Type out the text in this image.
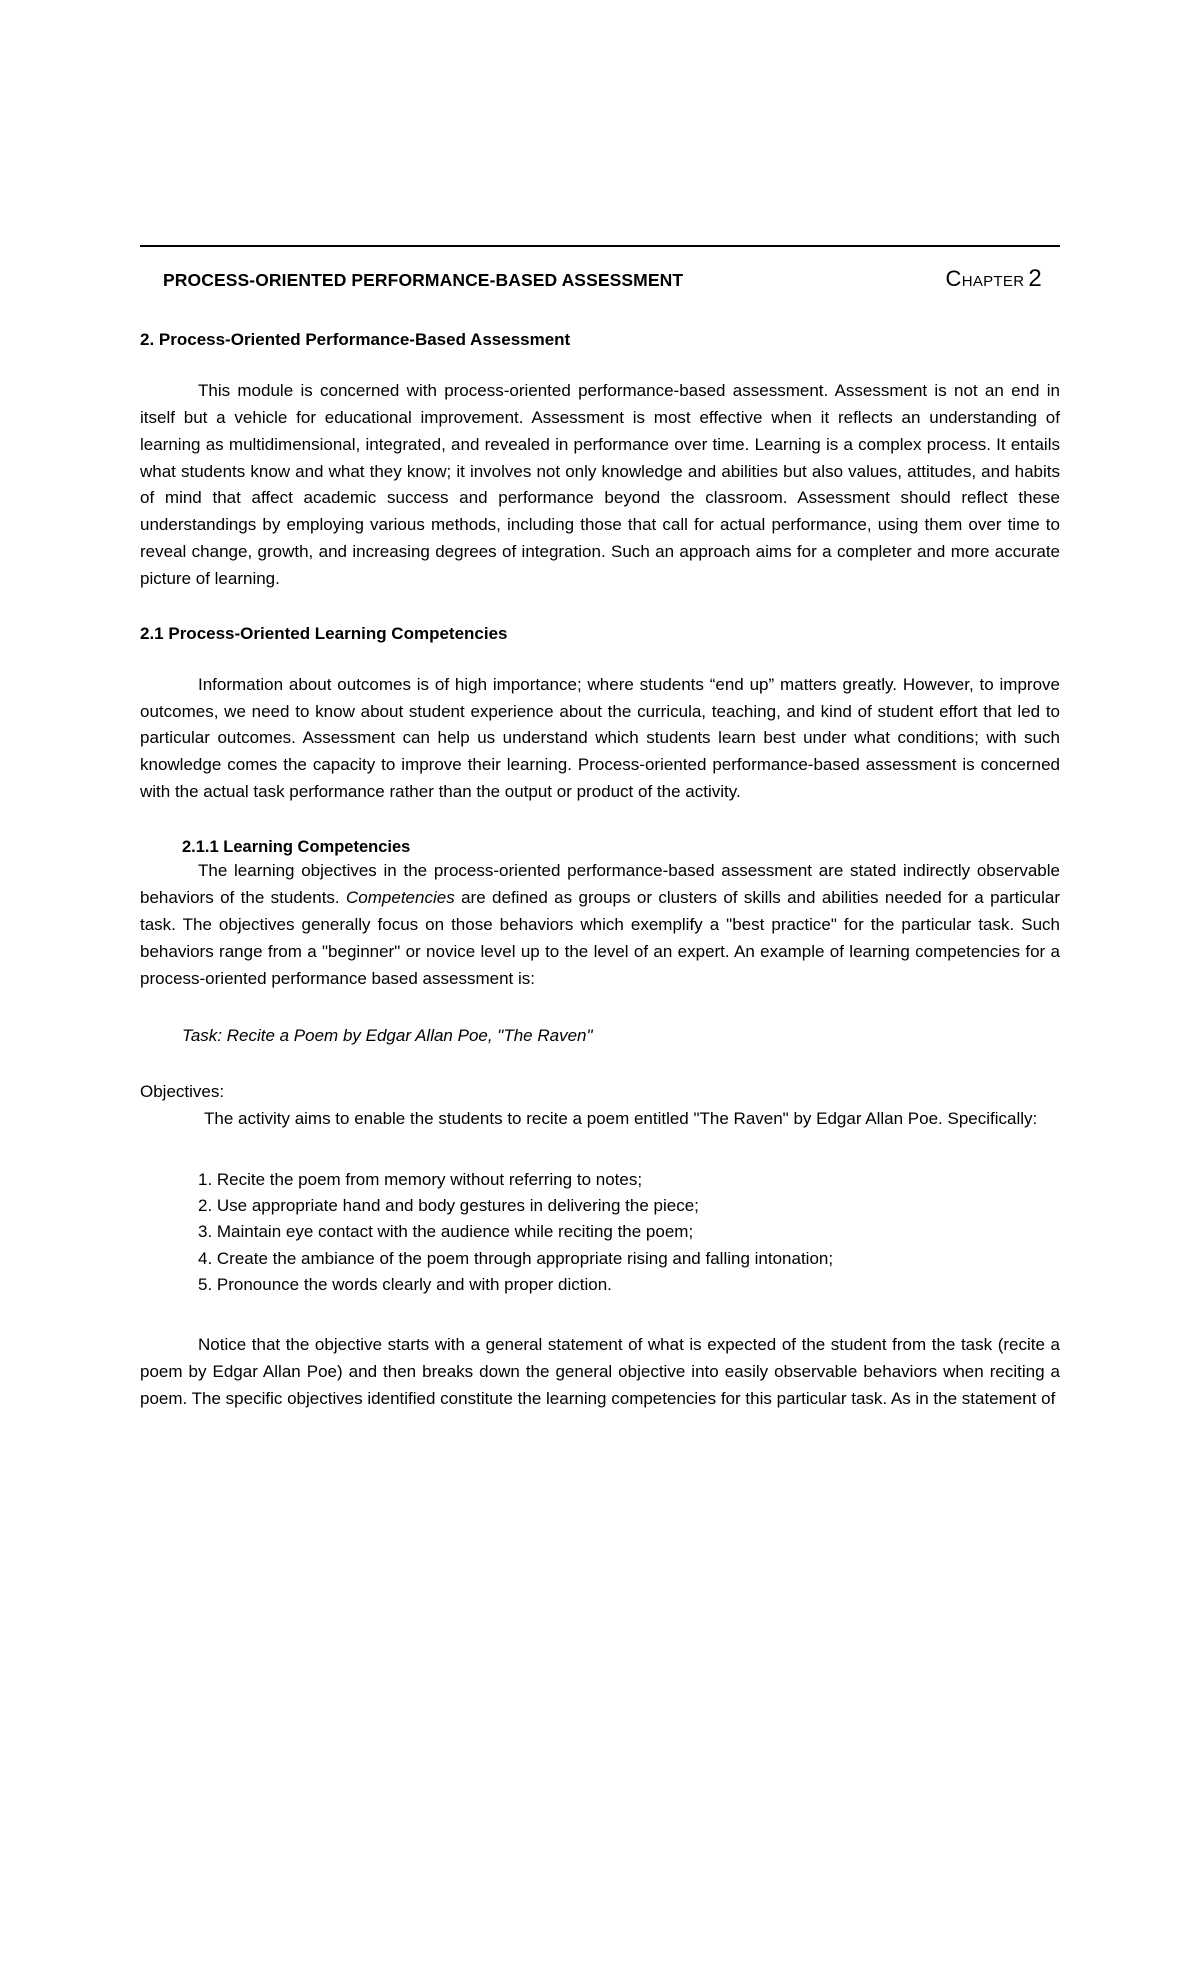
PROCESS-ORIENTED PERFORMANCE-BASED ASSESSMENT	CHAPTER 2
2. Process-Oriented Performance-Based Assessment

This module is concerned with process-oriented performance-based assessment. Assessment is not an end in itself but a vehicle for educational improvement. Assessment is most effective when it reflects an understanding of learning as multidimensional, integrated, and revealed in performance over time. Learning is a complex process. It entails what students know and what they know; it involves not only knowledge and abilities but also values, attitudes, and habits of mind that affect academic success and performance beyond the classroom. Assessment should reflect these understandings by employing various methods, including those that call for actual performance, using them over time to reveal change, growth, and increasing degrees of integration. Such an approach aims for a completer and more accurate picture of learning.

2.1 Process-Oriented Learning Competencies

Information about outcomes is of high importance; where students “end up” matters greatly. However, to improve outcomes, we need to know about student experience about the curricula, teaching, and kind of student effort that led to particular outcomes. Assessment can help us understand which students learn best under what conditions; with such knowledge comes the capacity to improve their learning. Process-oriented performance-based assessment is concerned with the actual task performance rather than the output or product of the activity.

2.1.1 Learning Competencies

The learning objectives in the process-oriented performance-based assessment are stated indirectly observable behaviors of the students. Competencies are defined as groups or clusters of skills and abilities needed for a particular task. The objectives generally focus on those behaviors which exemplify a "best practice" for the particular task. Such behaviors range from a "beginner" or novice level up to the level of an expert. An example of learning competencies for a process-oriented performance based assessment is:

Task: Recite a Poem by Edgar Allan Poe, "The Raven"

Objectives:

The activity aims to enable the students to recite a poem entitled "The Raven" by Edgar Allan Poe. Specifically:

1. Recite the poem from memory without referring to notes;
2. Use appropriate hand and body gestures in delivering the piece;
3. Maintain eye contact with the audience while reciting the poem;
4. Create the ambiance of the poem through appropriate rising and falling intonation;
5. Pronounce the words clearly and with proper diction.

Notice that the objective starts with a general statement of what is expected of the student from the task (recite a poem by Edgar Allan Poe) and then breaks down the general objective into easily observable behaviors when reciting a poem. The specific objectives identified constitute the learning competencies for this particular task. As in the statement of
